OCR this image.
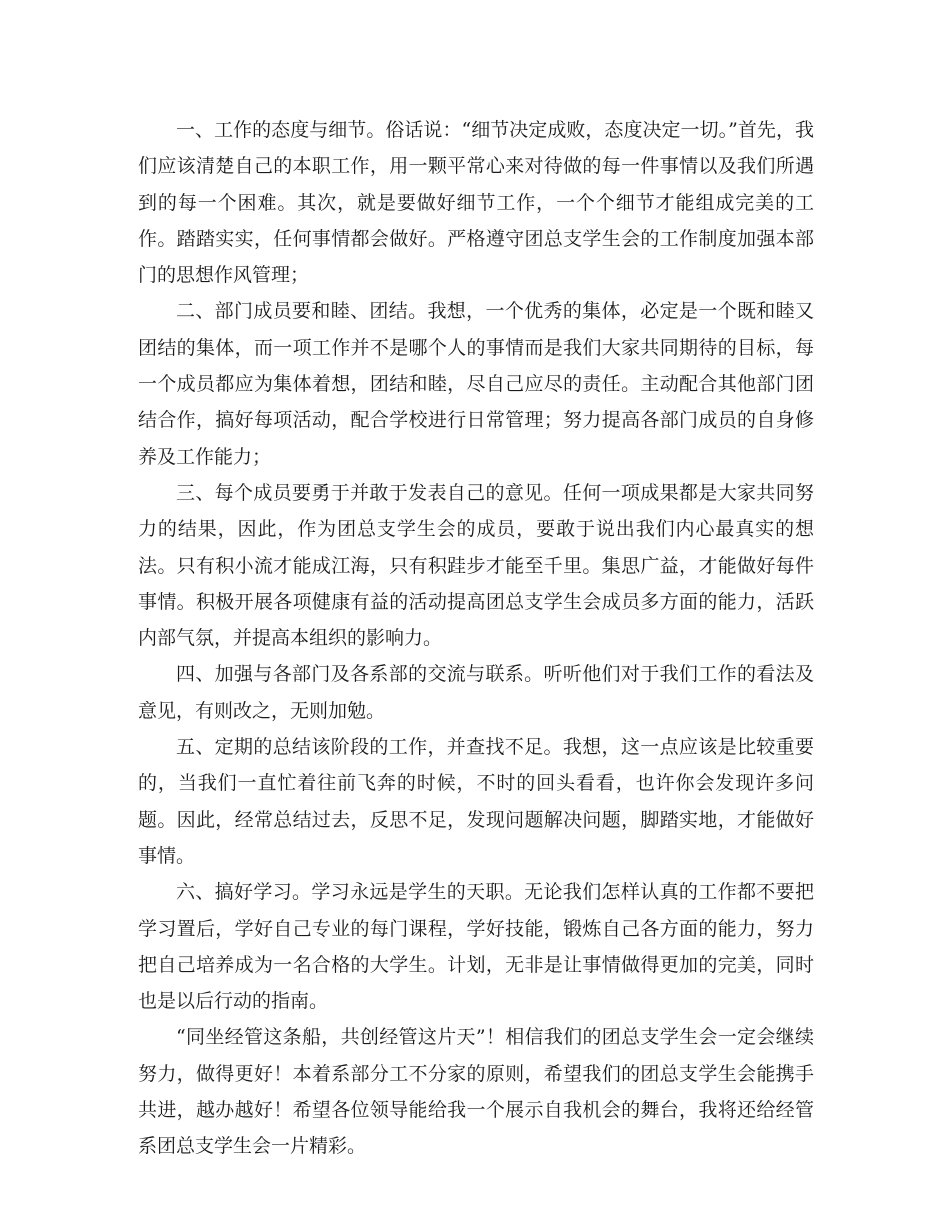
一、工作的态度与细节。俗话说：“细节决定成败，态度决定一切。”首先，我们应该清楚自己的本职工作，用一颗平常心来对待做的每一件事情以及我们所遇到的每一个困难。其次，就是要做好细节工作，一个个细节才能组成完美的工作。踏踏实实，任何事情都会做好。严格遵守团总支学生会的工作制度加强本部门的思想作风管理；

二、部门成员要和睦、团结。我想，一个优秀的集体，必定是一个既和睦又团结的集体，而一项工作并不是哪个人的事情而是我们大家共同期待的目标，每一个成员都应为集体着想，团结和睦，尽自己应尽的责任。主动配合其他部门团结合作，搞好每项活动，配合学校进行日常管理；努力提高各部门成员的自身修养及工作能力；

三、每个成员要勇于并敢于发表自己的意见。任何一项成果都是大家共同努力的结果，因此，作为团总支学生会的成员，要敢于说出我们内心最真实的想法。只有积小流才能成江海，只有积跬步才能至千里。集思广益，才能做好每件事情。积极开展各项健康有益的活动提高团总支学生会成员多方面的能力，活跃内部气氛，并提高本组织的影响力。

四、加强与各部门及各系部的交流与联系。听听他们对于我们工作的看法及意见，有则改之，无则加勉。

五、定期的总结该阶段的工作，并查找不足。我想，这一点应该是比较重要的，当我们一直忙着往前飞奔的时候，不时的回头看看，也许你会发现许多问题。因此，经常总结过去，反思不足，发现问题解决问题，脚踏实地，才能做好事情。

六、搞好学习。学习永远是学生的天职。无论我们怎样认真的工作都不要把学习置后，学好自己专业的每门课程，学好技能，锻炼自己各方面的能力，努力把自己培养成为一名合格的大学生。计划，无非是让事情做得更加的完美，同时也是以后行动的指南。

“同坐经管这条船，共创经管这片天”！相信我们的团总支学生会一定会继续努力，做得更好！本着系部分工不分家的原则，希望我们的团总支学生会能携手共进，越办越好！希望各位领导能给我一个展示自我机会的舞台，我将还给经管系团总支学生会一片精彩。
